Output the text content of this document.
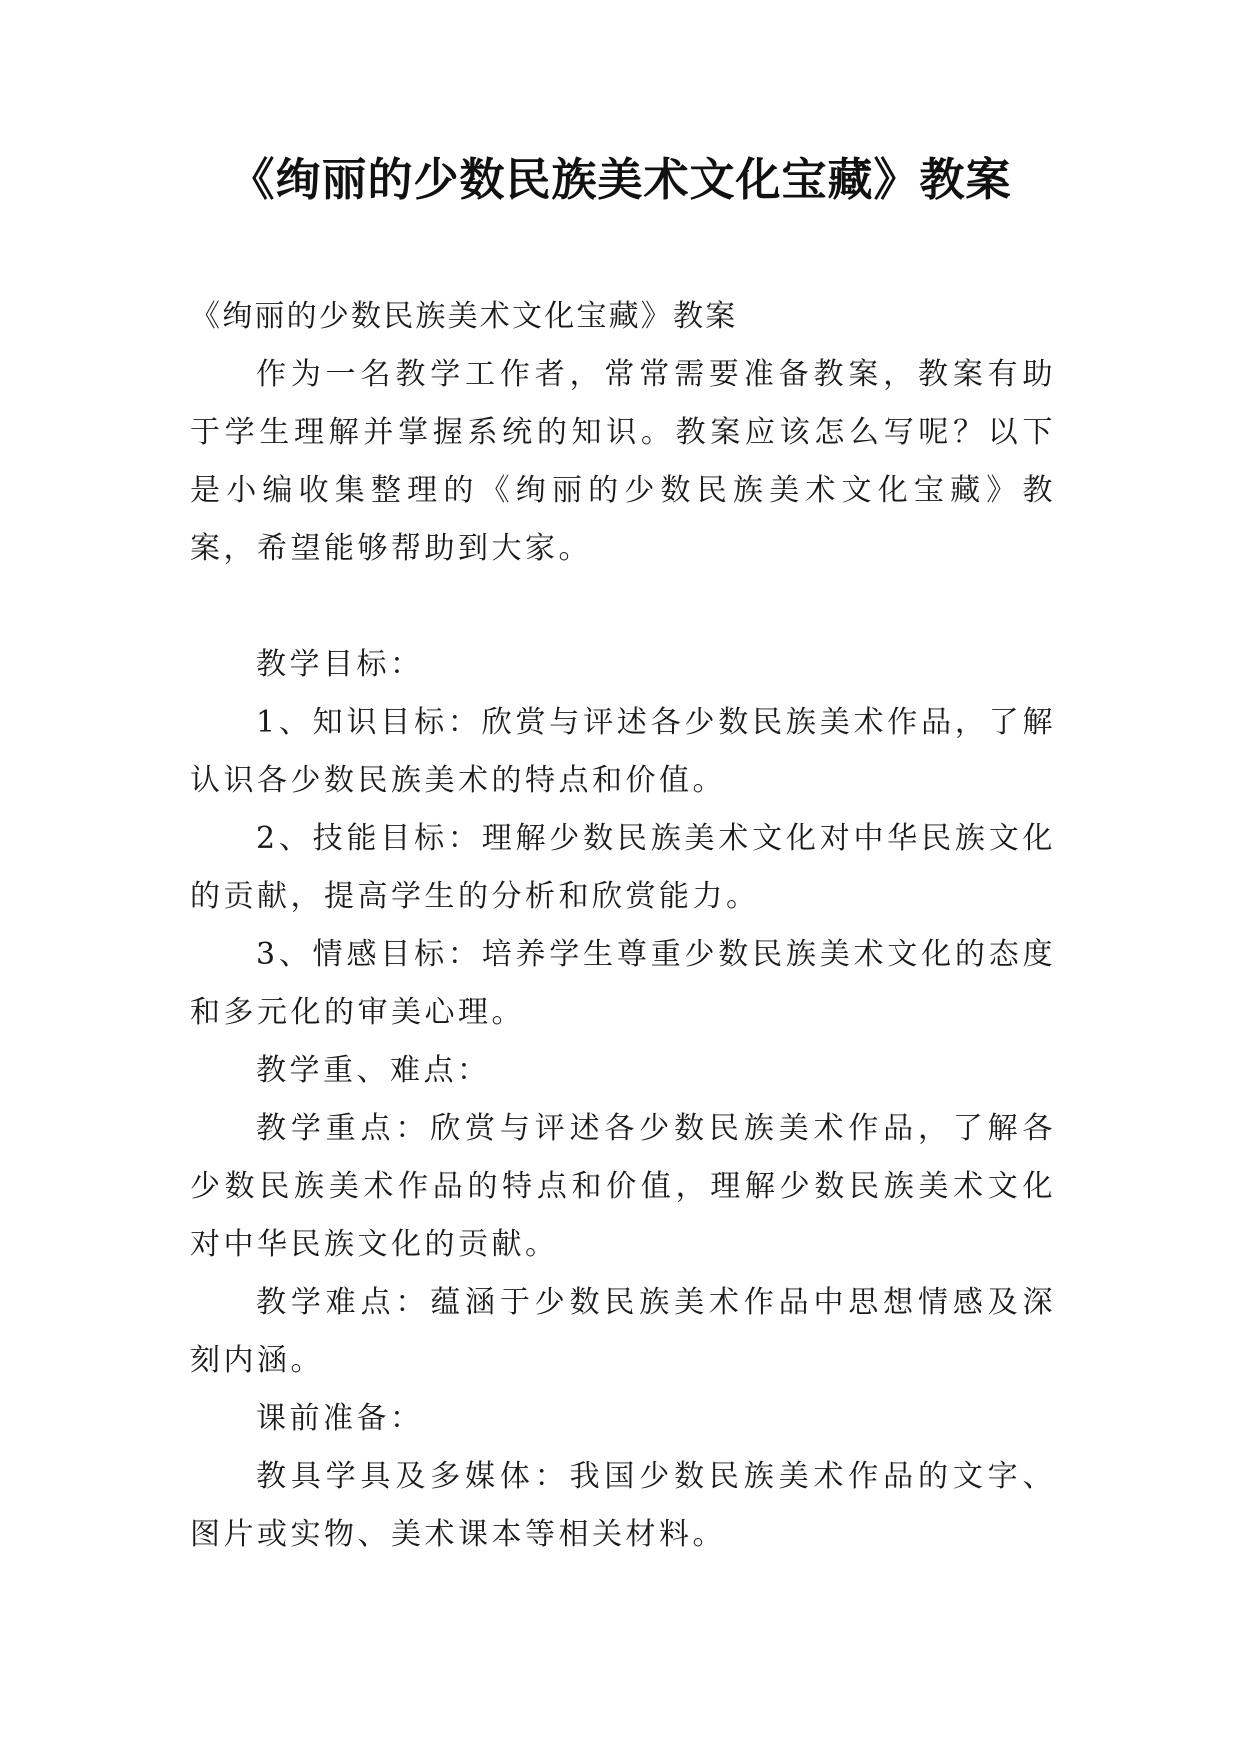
《绚丽的少数民族美术文化宝藏》教案

《绚丽的少数民族美术文化宝藏》教案

作为一名教学工作者，常常需要准备教案，教案有助于学生理解并掌握系统的知识。教案应该怎么写呢？以下是小编收集整理的《绚丽的少数民族美术文化宝藏》教案，希望能够帮助到大家。

教学目标：

1、知识目标：欣赏与评述各少数民族美术作品，了解认识各少数民族美术的特点和价值。

2、技能目标：理解少数民族美术文化对中华民族文化的贡献，提高学生的分析和欣赏能力。

3、情感目标：培养学生尊重少数民族美术文化的态度和多元化的审美心理。

教学重、难点：

教学重点：欣赏与评述各少数民族美术作品，了解各少数民族美术作品的特点和价值，理解少数民族美术文化对中华民族文化的贡献。

教学难点：蕴涵于少数民族美术作品中思想情感及深刻内涵。

课前准备：

教具学具及多媒体：我国少数民族美术作品的文字、图片或实物、美术课本等相关材料。
